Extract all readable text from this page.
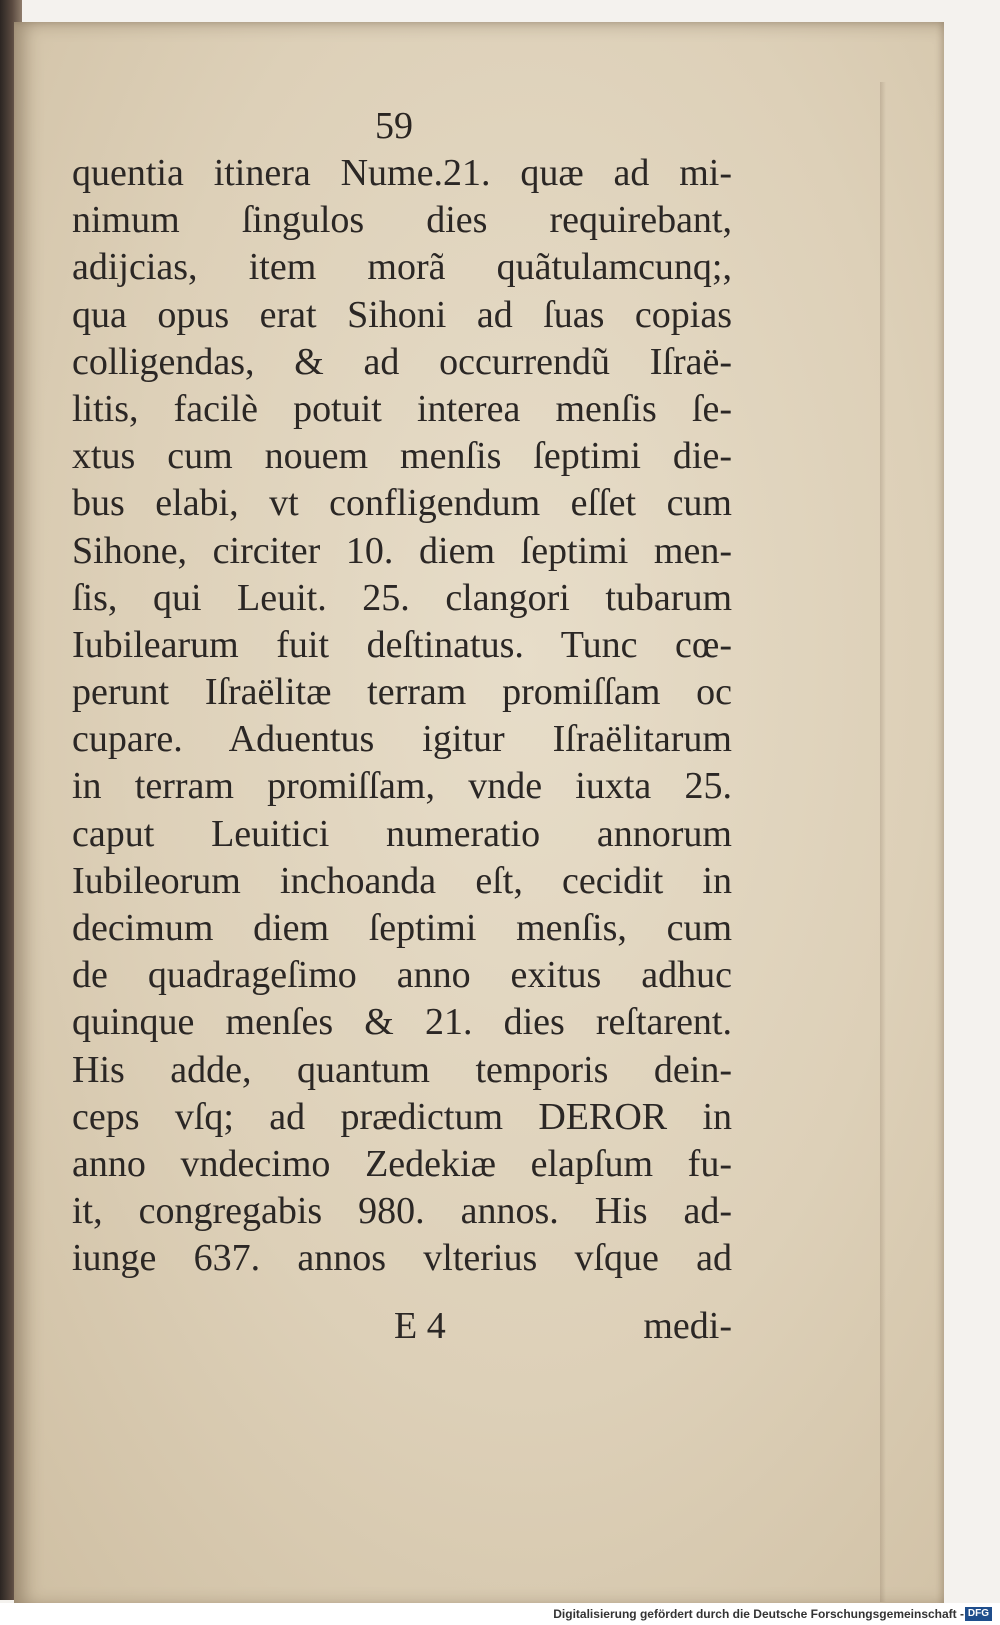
59

quentia itinera Nume.21. quæ ad mi-
nimum ſingulos dies requirebant,
adijcias, item morã quãtulamcunq;,
qua opus erat Sihoni ad ſuas copias
colligendas, & ad occurrendũ Iſraë-
litis, facilè potuit interea menſis ſe-
xtus cum nouem menſis ſeptimi die-
bus elabi, vt confligendum eſſet cum
Sihone, circiter 10. diem ſeptimi men-
ſis, qui Leuit. 25. clangori tubarum
Iubilearum fuit deſtinatus. Tunc cœ-
perunt Iſraëlitæ terram promiſſam oc
cupare. Aduentus igitur Iſraëlitarum
in terram promiſſam, vnde iuxta 25.
caput Leuitici numeratio annorum
Iubileorum inchoanda eſt, cecidit in
decimum diem ſeptimi menſis, cum
de quadrageſimo anno exitus adhuc
quinque menſes & 21. dies reſtarent.
His adde, quantum temporis dein-
ceps vſq; ad prædictum DEROR in
anno vndecimo Zedekiæ elapſum fu-
it, congregabis 980. annos. His ad-
iunge 637. annos vlterius vſque ad
E 4	medi-
Digitalisierung gefördert durch die Deutsche Forschungsgemeinschaft - DFG
